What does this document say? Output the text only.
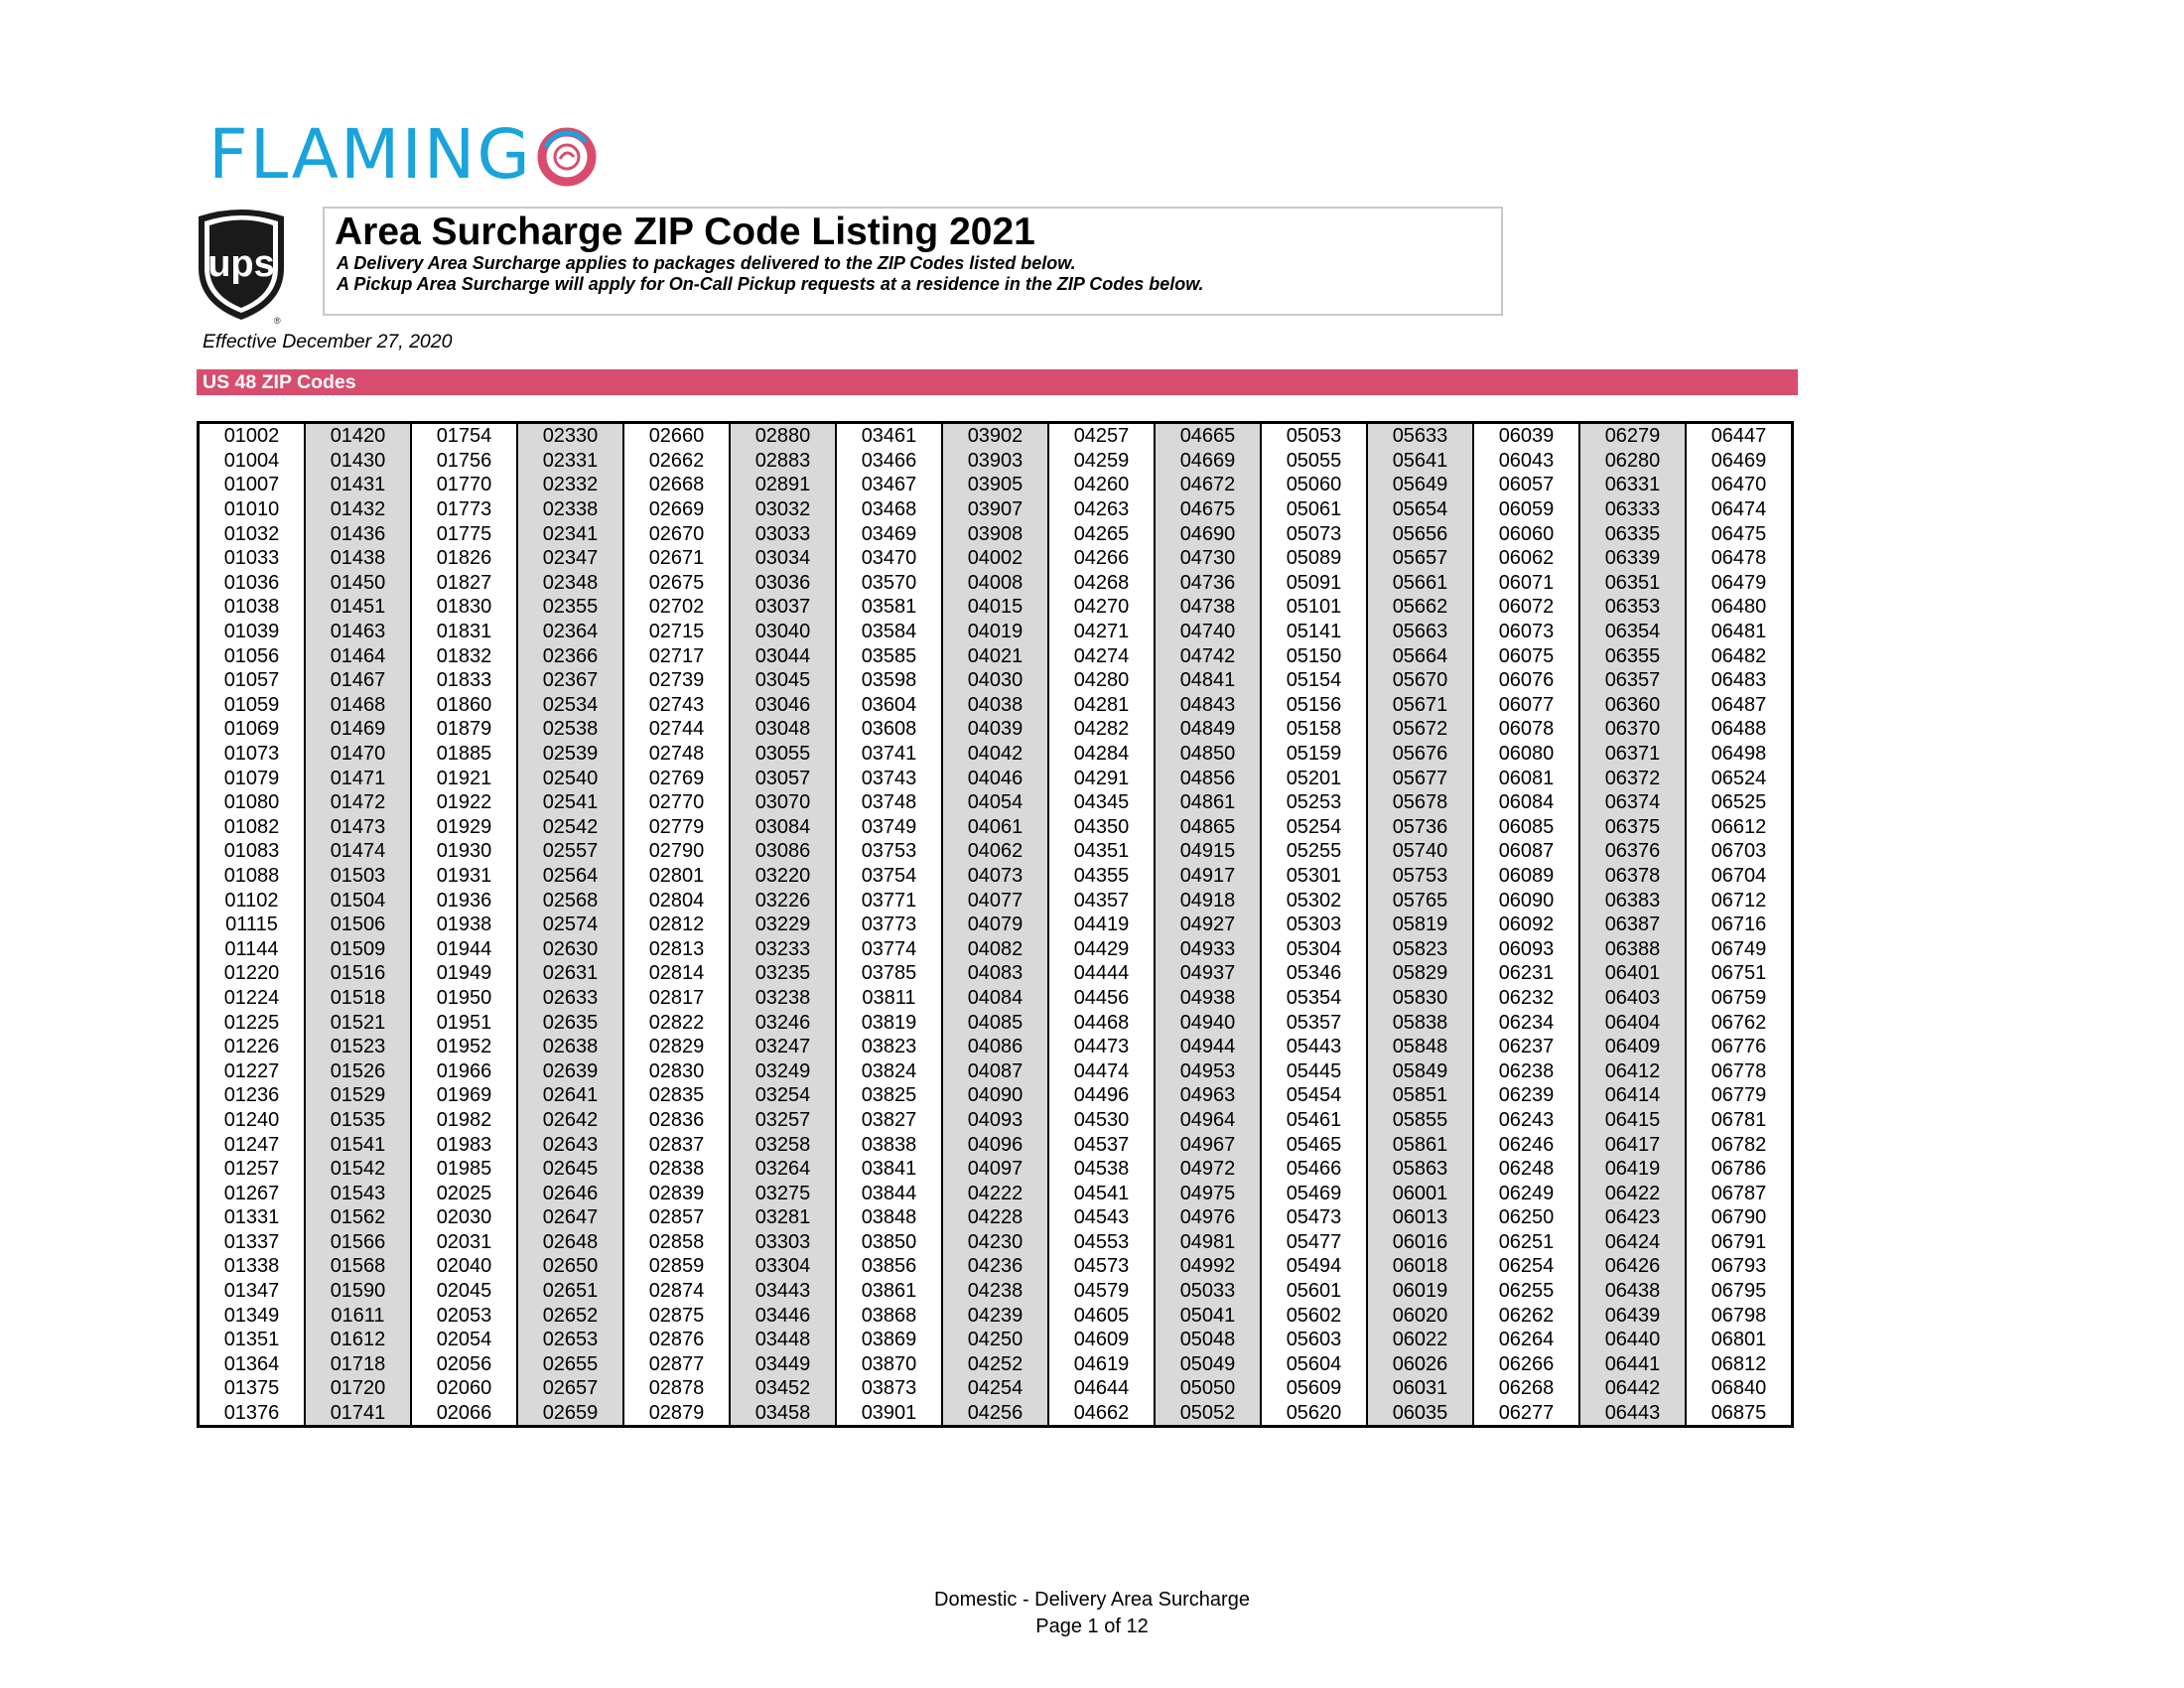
FLAMING
ups
®
Area Surcharge ZIP Code Listing 2021
A Delivery Area Surcharge applies to packages delivered to the ZIP Codes listed below.
A Pickup Area Surcharge will apply for On-Call Pickup requests at a residence in the ZIP Codes below.
Effective December 27, 2020
US 48 ZIP Codes
01002	01420	01754	02330	02660	02880	03461	03902	04257	04665	05053	05633	06039	06279	06447
01004	01430	01756	02331	02662	02883	03466	03903	04259	04669	05055	05641	06043	06280	06469
01007	01431	01770	02332	02668	02891	03467	03905	04260	04672	05060	05649	06057	06331	06470
01010	01432	01773	02338	02669	03032	03468	03907	04263	04675	05061	05654	06059	06333	06474
01032	01436	01775	02341	02670	03033	03469	03908	04265	04690	05073	05656	06060	06335	06475
01033	01438	01826	02347	02671	03034	03470	04002	04266	04730	05089	05657	06062	06339	06478
01036	01450	01827	02348	02675	03036	03570	04008	04268	04736	05091	05661	06071	06351	06479
01038	01451	01830	02355	02702	03037	03581	04015	04270	04738	05101	05662	06072	06353	06480
01039	01463	01831	02364	02715	03040	03584	04019	04271	04740	05141	05663	06073	06354	06481
01056	01464	01832	02366	02717	03044	03585	04021	04274	04742	05150	05664	06075	06355	06482
01057	01467	01833	02367	02739	03045	03598	04030	04280	04841	05154	05670	06076	06357	06483
01059	01468	01860	02534	02743	03046	03604	04038	04281	04843	05156	05671	06077	06360	06487
01069	01469	01879	02538	02744	03048	03608	04039	04282	04849	05158	05672	06078	06370	06488
01073	01470	01885	02539	02748	03055	03741	04042	04284	04850	05159	05676	06080	06371	06498
01079	01471	01921	02540	02769	03057	03743	04046	04291	04856	05201	05677	06081	06372	06524
01080	01472	01922	02541	02770	03070	03748	04054	04345	04861	05253	05678	06084	06374	06525
01082	01473	01929	02542	02779	03084	03749	04061	04350	04865	05254	05736	06085	06375	06612
01083	01474	01930	02557	02790	03086	03753	04062	04351	04915	05255	05740	06087	06376	06703
01088	01503	01931	02564	02801	03220	03754	04073	04355	04917	05301	05753	06089	06378	06704
01102	01504	01936	02568	02804	03226	03771	04077	04357	04918	05302	05765	06090	06383	06712
01115	01506	01938	02574	02812	03229	03773	04079	04419	04927	05303	05819	06092	06387	06716
01144	01509	01944	02630	02813	03233	03774	04082	04429	04933	05304	05823	06093	06388	06749
01220	01516	01949	02631	02814	03235	03785	04083	04444	04937	05346	05829	06231	06401	06751
01224	01518	01950	02633	02817	03238	03811	04084	04456	04938	05354	05830	06232	06403	06759
01225	01521	01951	02635	02822	03246	03819	04085	04468	04940	05357	05838	06234	06404	06762
01226	01523	01952	02638	02829	03247	03823	04086	04473	04944	05443	05848	06237	06409	06776
01227	01526	01966	02639	02830	03249	03824	04087	04474	04953	05445	05849	06238	06412	06778
01236	01529	01969	02641	02835	03254	03825	04090	04496	04963	05454	05851	06239	06414	06779
01240	01535	01982	02642	02836	03257	03827	04093	04530	04964	05461	05855	06243	06415	06781
01247	01541	01983	02643	02837	03258	03838	04096	04537	04967	05465	05861	06246	06417	06782
01257	01542	01985	02645	02838	03264	03841	04097	04538	04972	05466	05863	06248	06419	06786
01267	01543	02025	02646	02839	03275	03844	04222	04541	04975	05469	06001	06249	06422	06787
01331	01562	02030	02647	02857	03281	03848	04228	04543	04976	05473	06013	06250	06423	06790
01337	01566	02031	02648	02858	03303	03850	04230	04553	04981	05477	06016	06251	06424	06791
01338	01568	02040	02650	02859	03304	03856	04236	04573	04992	05494	06018	06254	06426	06793
01347	01590	02045	02651	02874	03443	03861	04238	04579	05033	05601	06019	06255	06438	06795
01349	01611	02053	02652	02875	03446	03868	04239	04605	05041	05602	06020	06262	06439	06798
01351	01612	02054	02653	02876	03448	03869	04250	04609	05048	05603	06022	06264	06440	06801
01364	01718	02056	02655	02877	03449	03870	04252	04619	05049	05604	06026	06266	06441	06812
01375	01720	02060	02657	02878	03452	03873	04254	04644	05050	05609	06031	06268	06442	06840
01376	01741	02066	02659	02879	03458	03901	04256	04662	05052	05620	06035	06277	06443	06875
Domestic - Delivery Area Surcharge
Page 1 of 12
